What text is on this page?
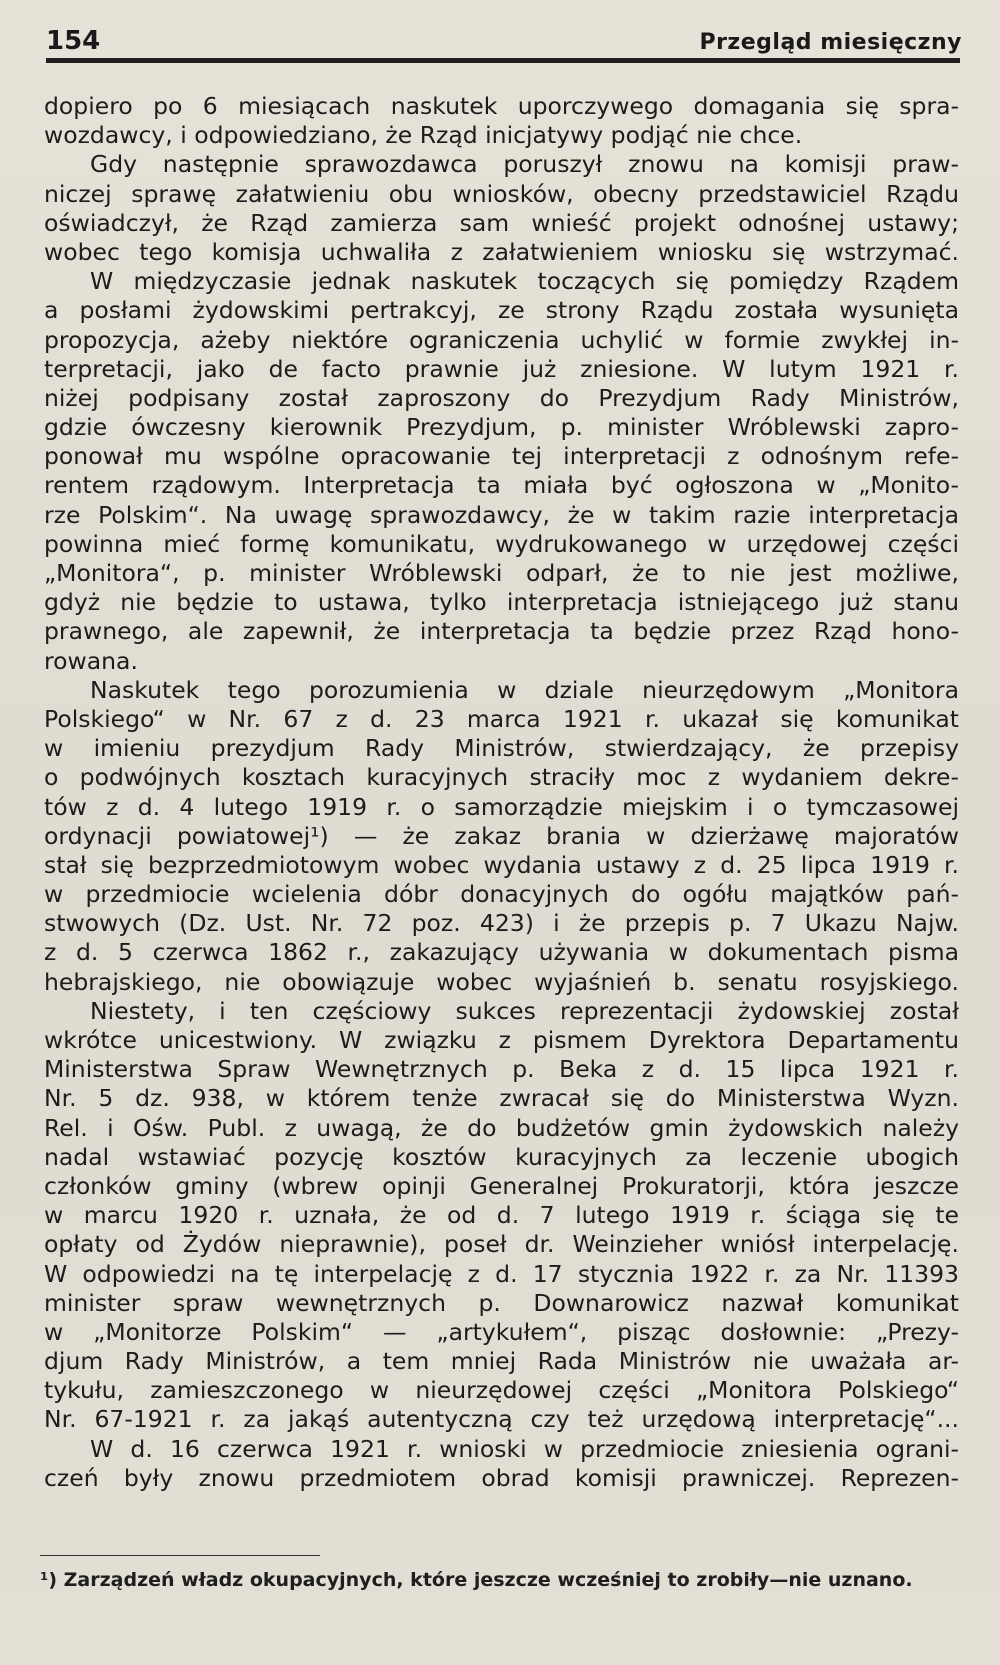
154	Przegląd miesięczny
dopiero po 6 miesiącach naskutek uporczywego domagania się spra-
wozdawcy, i odpowiedziano, że Rząd inicjatywy podjąć nie chce.
Gdy następnie sprawozdawca poruszył znowu na komisji praw-
niczej sprawę załatwieniu obu wniosków, obecny przedstawiciel Rządu
oświadczył, że Rząd zamierza sam wnieść projekt odnośnej ustawy;
wobec tego komisja uchwaliła z załatwieniem wniosku się wstrzymać.
W międzyczasie jednak naskutek toczących się pomiędzy Rządem
a posłami żydowskimi pertrakcyj, ze strony Rządu została wysunięta
propozycja, ażeby niektóre ograniczenia uchylić w formie zwykłej in-
terpretacji, jako de facto prawnie już zniesione. W lutym 1921 r.
niżej podpisany został zaproszony do Prezydjum Rady Ministrów,
gdzie ówczesny kierownik Prezydjum, p. minister Wróblewski zapro-
ponował mu wspólne opracowanie tej interpretacji z odnośnym refe-
rentem rządowym. Interpretacja ta miała być ogłoszona w „Monito-
rze Polskim“. Na uwagę sprawozdawcy, że w takim razie interpretacja
powinna mieć formę komunikatu, wydrukowanego w urzędowej części
„Monitora“, p. minister Wróblewski odparł, że to nie jest możliwe,
gdyż nie będzie to ustawa, tylko interpretacja istniejącego już stanu
prawnego, ale zapewnił, że interpretacja ta będzie przez Rząd hono-
rowana.
Naskutek tego porozumienia w dziale nieurzędowym „Monitora
Polskiego“ w Nr. 67 z d. 23 marca 1921 r. ukazał się komunikat
w imieniu prezydjum Rady Ministrów, stwierdzający, że przepisy
o podwójnych kosztach kuracyjnych straciły moc z wydaniem dekre-
tów z d. 4 lutego 1919 r. o samorządzie miejskim i o tymczasowej
ordynacji powiatowej¹) — że zakaz brania w dzierżawę majoratów
stał się bezprzedmiotowym wobec wydania ustawy z d. 25 lipca 1919 r.
w przedmiocie wcielenia dóbr donacyjnych do ogółu majątków pań-
stwowych (Dz. Ust. Nr. 72 poz. 423) i że przepis p. 7 Ukazu Najw.
z d. 5 czerwca 1862 r., zakazujący używania w dokumentach pisma
hebrajskiego, nie obowiązuje wobec wyjaśnień b. senatu rosyjskiego.
Niestety, i ten częściowy sukces reprezentacji żydowskiej został
wkrótce unicestwiony. W związku z pismem Dyrektora Departamentu
Ministerstwa Spraw Wewnętrznych p. Beka z d. 15 lipca 1921 r.
Nr. 5 dz. 938, w którem tenże zwracał się do Ministerstwa Wyzn.
Rel. i Ośw. Publ. z uwagą, że do budżetów gmin żydowskich należy
nadal wstawiać pozycję kosztów kuracyjnych za leczenie ubogich
członków gminy (wbrew opinji Generalnej Prokuratorji, która jeszcze
w marcu 1920 r. uznała, że od d. 7 lutego 1919 r. ściąga się te
opłaty od Żydów nieprawnie), poseł dr. Weinzieher wniósł interpelację.
W odpowiedzi na tę interpelację z d. 17 stycznia 1922 r. za Nr. 11393
minister spraw wewnętrznych p. Downarowicz nazwał komunikat
w „Monitorze Polskim“ — „artykułem“, pisząc dosłownie: „Prezy-
djum Rady Ministrów, a tem mniej Rada Ministrów nie uważała ar-
tykułu, zamieszczonego w nieurzędowej części „Monitora Polskiego“
Nr. 67-1921 r. za jakąś autentyczną czy też urzędową interpretację“...
W d. 16 czerwca 1921 r. wnioski w przedmiocie zniesienia ograni-
czeń były znowu przedmiotem obrad komisji prawniczej. Reprezen-
¹) Zarządzeń władz okupacyjnych, które jeszcze wcześniej to zrobiły—nie uznano.
